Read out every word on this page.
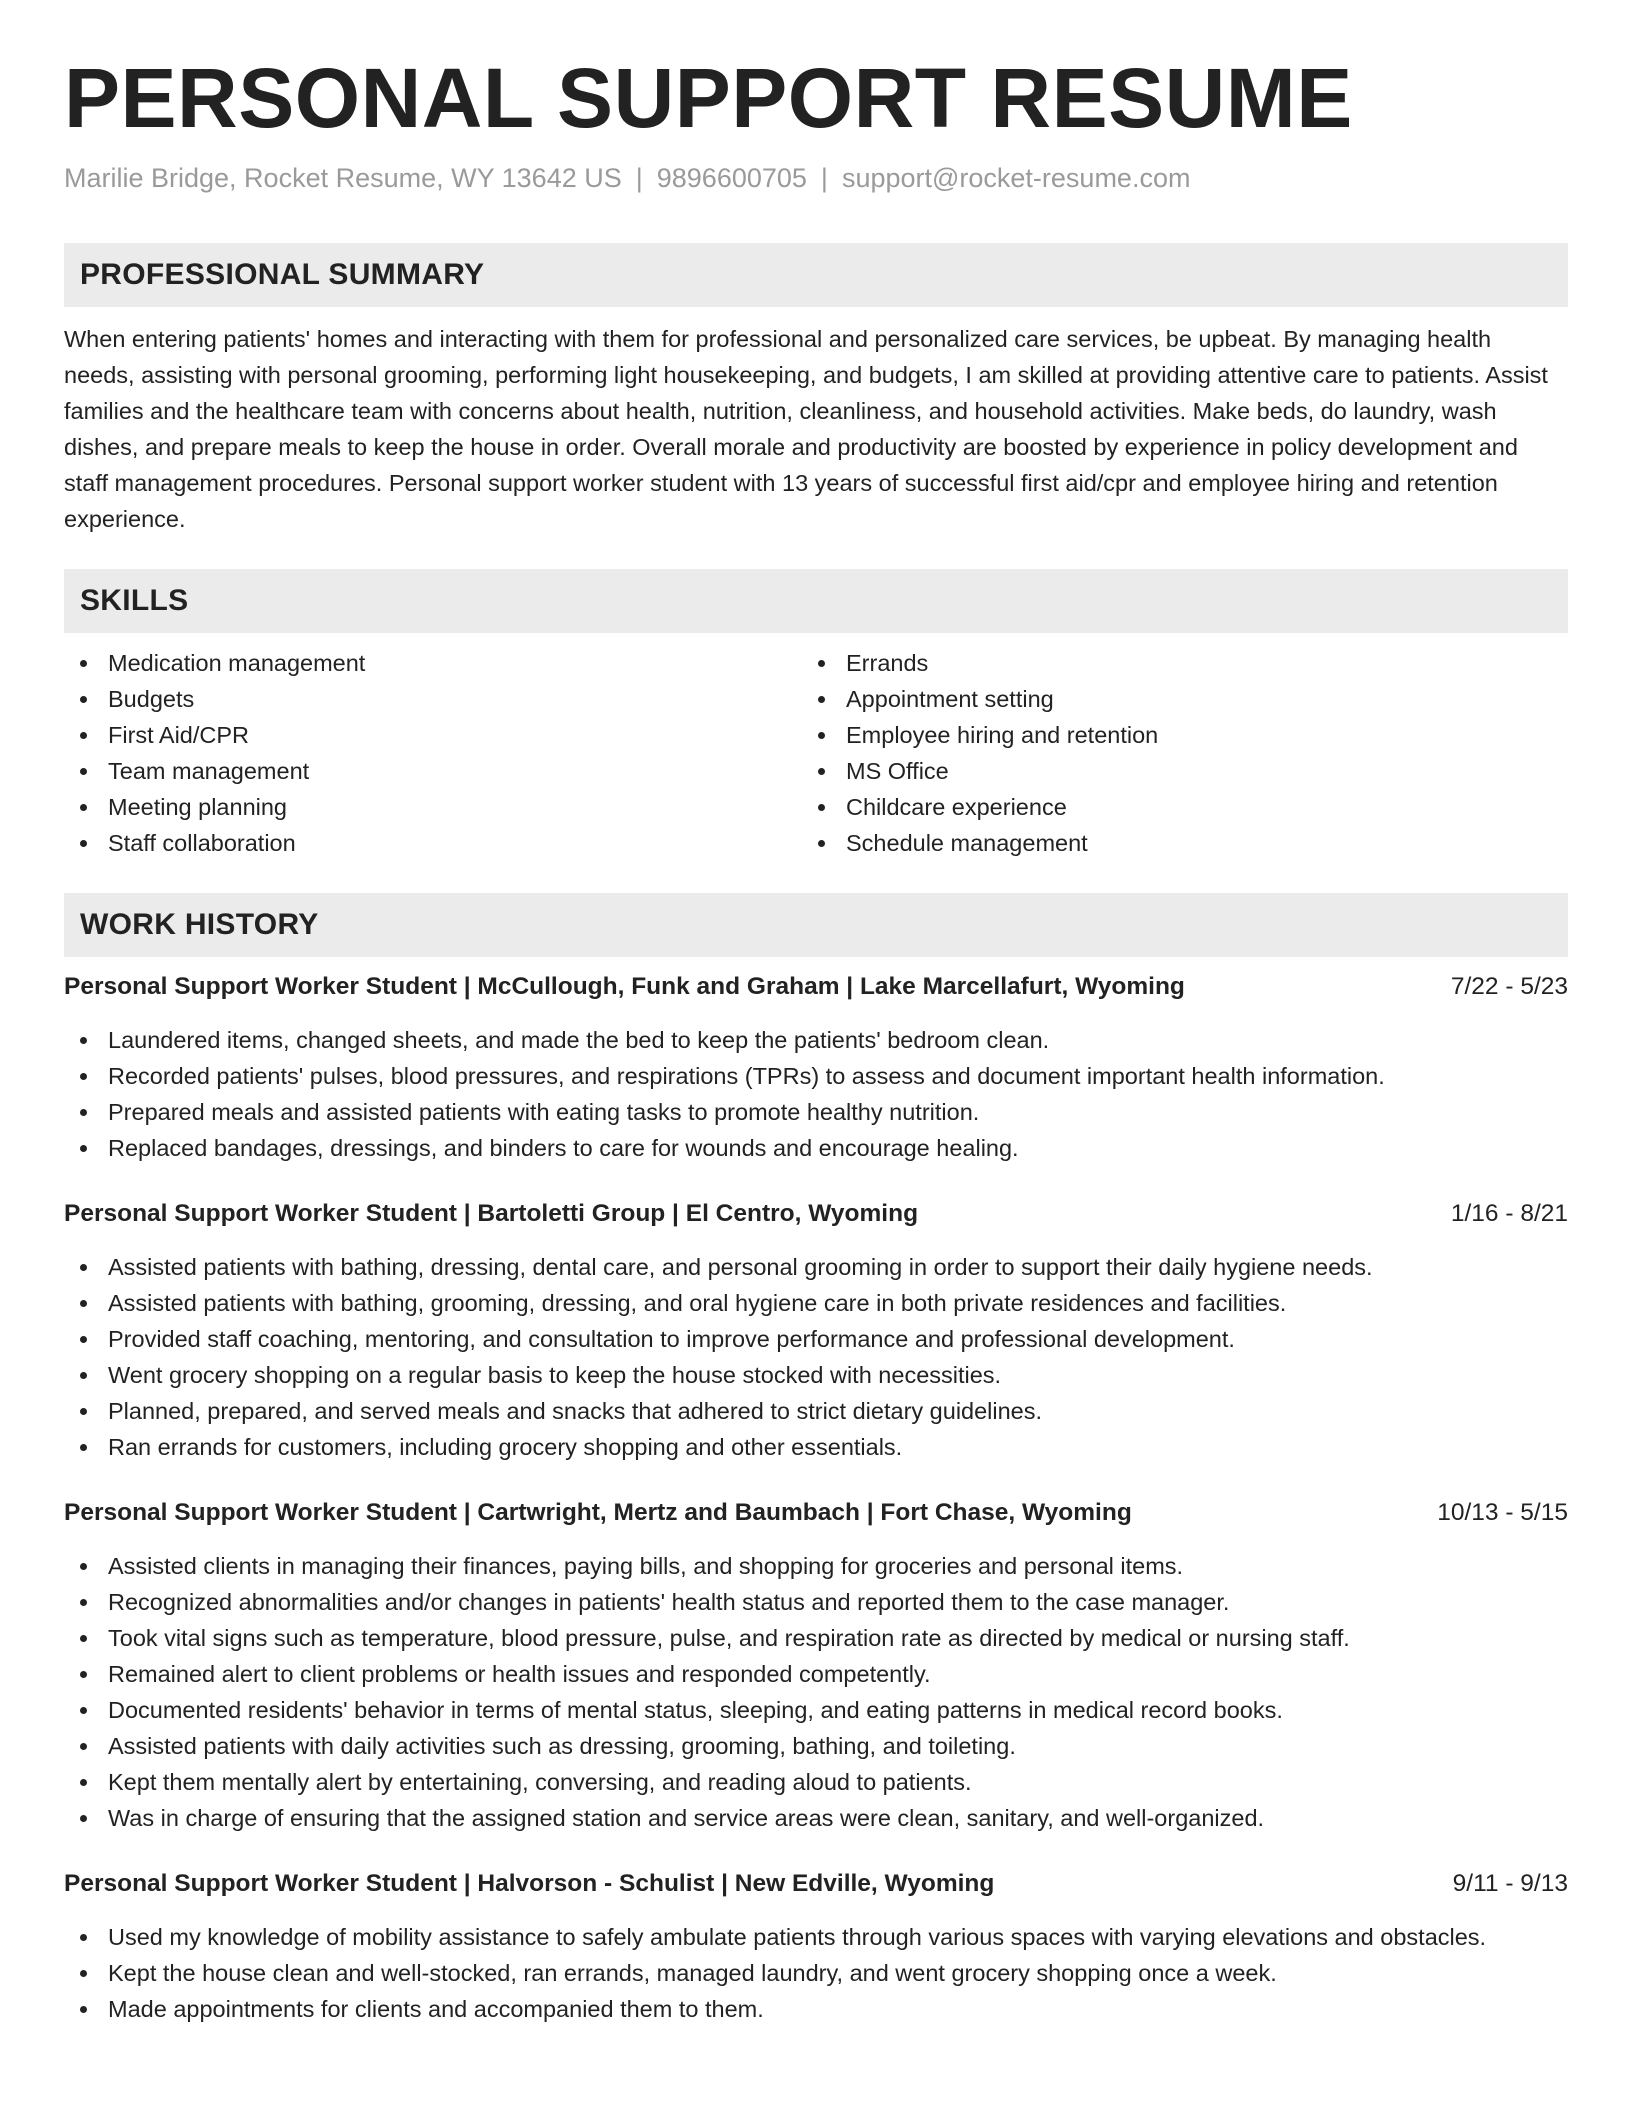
PERSONAL SUPPORT RESUME
Marilie Bridge, Rocket Resume, WY 13642 US | 9896600705 | support@rocket-resume.com
PROFESSIONAL SUMMARY

When entering patients' homes and interacting with them for professional and personalized care services, be upbeat. By managing health needs, assisting with personal grooming, performing light housekeeping, and budgets, I am skilled at providing attentive care to patients. Assist families and the healthcare team with concerns about health, nutrition, cleanliness, and household activities. Make beds, do laundry, wash dishes, and prepare meals to keep the house in order. Overall morale and productivity are boosted by experience in policy development and staff management procedures. Personal support worker student with 13 years of successful first aid/cpr and employee hiring and retention experience.

SKILLS
Medication management
Budgets
First Aid/CPR
Team management
Meeting planning
Staff collaboration
Errands
Appointment setting
Employee hiring and retention
MS Office
Childcare experience
Schedule management
WORK HISTORY
Personal Support Worker Student | McCullough, Funk and Graham | Lake Marcellafurt, Wyoming	7/22 - 5/23
Laundered items, changed sheets, and made the bed to keep the patients' bedroom clean.
Recorded patients' pulses, blood pressures, and respirations (TPRs) to assess and document important health information.
Prepared meals and assisted patients with eating tasks to promote healthy nutrition.
Replaced bandages, dressings, and binders to care for wounds and encourage healing.
Personal Support Worker Student | Bartoletti Group | El Centro, Wyoming	1/16 - 8/21
Assisted patients with bathing, dressing, dental care, and personal grooming in order to support their daily hygiene needs.
Assisted patients with bathing, grooming, dressing, and oral hygiene care in both private residences and facilities.
Provided staff coaching, mentoring, and consultation to improve performance and professional development.
Went grocery shopping on a regular basis to keep the house stocked with necessities.
Planned, prepared, and served meals and snacks that adhered to strict dietary guidelines.
Ran errands for customers, including grocery shopping and other essentials.
Personal Support Worker Student | Cartwright, Mertz and Baumbach | Fort Chase, Wyoming	10/13 - 5/15
Assisted clients in managing their finances, paying bills, and shopping for groceries and personal items.
Recognized abnormalities and/or changes in patients' health status and reported them to the case manager.
Took vital signs such as temperature, blood pressure, pulse, and respiration rate as directed by medical or nursing staff.
Remained alert to client problems or health issues and responded competently.
Documented residents' behavior in terms of mental status, sleeping, and eating patterns in medical record books.
Assisted patients with daily activities such as dressing, grooming, bathing, and toileting.
Kept them mentally alert by entertaining, conversing, and reading aloud to patients.
Was in charge of ensuring that the assigned station and service areas were clean, sanitary, and well-organized.
Personal Support Worker Student | Halvorson - Schulist | New Edville, Wyoming	9/11 - 9/13
Used my knowledge of mobility assistance to safely ambulate patients through various spaces with varying elevations and obstacles.
Kept the house clean and well-stocked, ran errands, managed laundry, and went grocery shopping once a week.
Made appointments for clients and accompanied them to them.
